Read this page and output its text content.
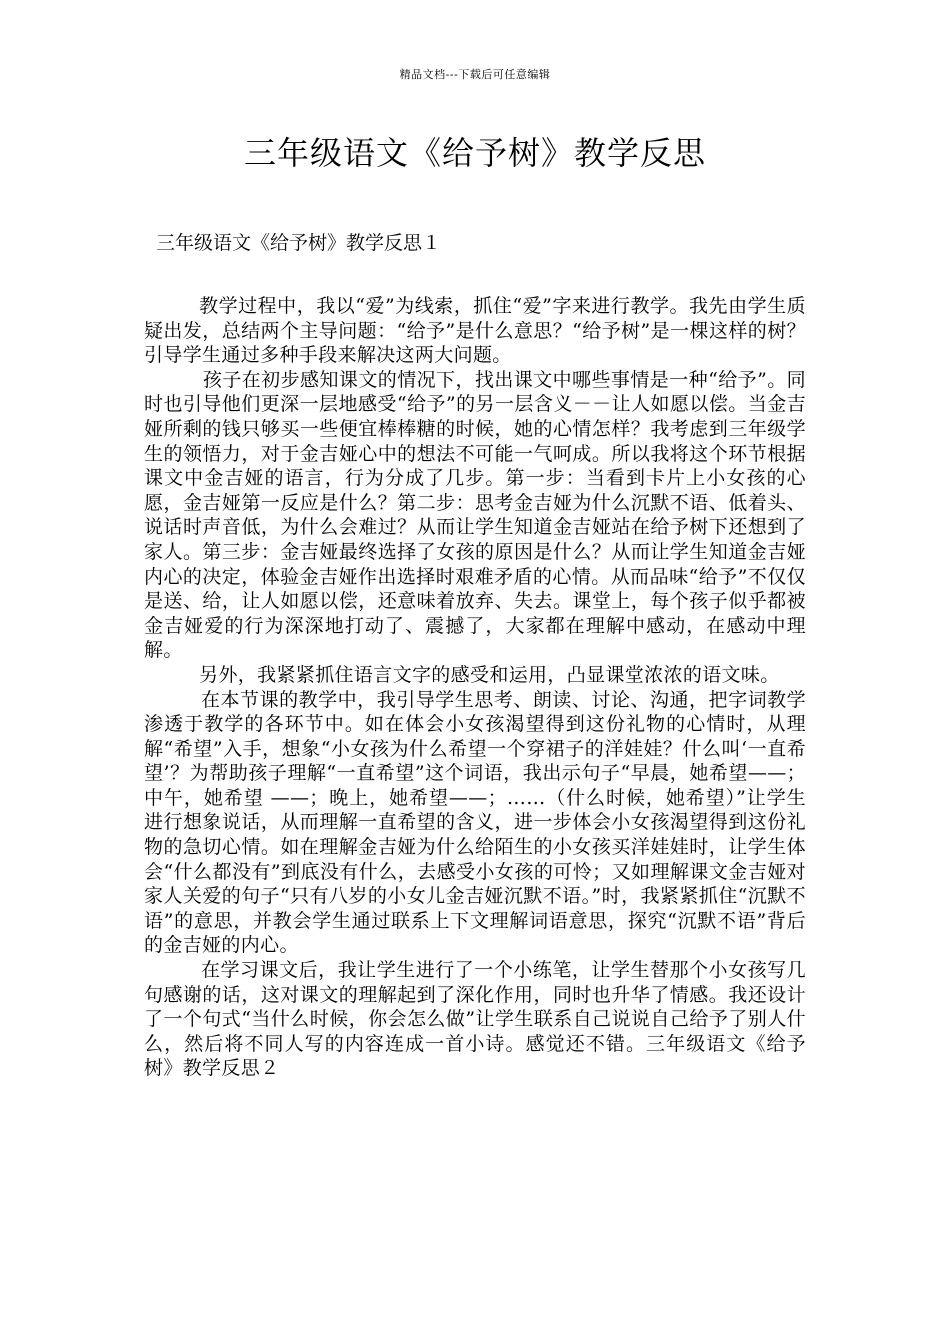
精品文档---下载后可任意编辑
三年级语文《给予树》教学反思
三年级语文《给予树》教学反思１

教学过程中，我以“爱”为线索，抓住“爱”字来进行教学。我先由学生质疑出发，总结两个主导问题：“给予”是什么意思？“给予树”是一棵这样的树？引导学生通过多种手段来解决这两大问题。

孩子在初步感知课文的情况下，找出课文中哪些事情是一种“给予”。同时也引导他们更深一层地感受“给予”的另一层含义－－让人如愿以偿。当金吉娅所剩的钱只够买一些便宜棒棒糖的时候，她的心情怎样？我考虑到三年级学生的领悟力，对于金吉娅心中的想法不可能一气呵成。所以我将这个环节根据课文中金吉娅的语言，行为分成了几步。第一步：当看到卡片上小女孩的心愿，金吉娅第一反应是什么？第二步：思考金吉娅为什么沉默不语、低着头、说话时声音低，为什么会难过？从而让学生知道金吉娅站在给予树下还想到了家人。第三步：金吉娅最终选择了女孩的原因是什么？从而让学生知道金吉娅内心的决定，体验金吉娅作出选择时艰难矛盾的心情。从而品味“给予”不仅仅是送、给，让人如愿以偿，还意味着放弃、失去。课堂上，每个孩子似乎都被金吉娅爱的行为深深地打动了、震撼了，大家都在理解中感动，在感动中理解。

另外，我紧紧抓住语言文字的感受和运用，凸显课堂浓浓的语文味。

在本节课的教学中，我引导学生思考、朗读、讨论、沟通，把字词教学渗透于教学的各环节中。如在体会小女孩渴望得到这份礼物的心情时，从理解“希望”入手，想象“小女孩为什么希望一个穿裙子的洋娃娃？什么叫‘一直希望’？为帮助孩子理解“一直希望”这个词语，我出示句子“早晨，她希望——；中午，她希望 ——；晚上，她希望——；……（什么时候，她希望）”让学生进行想象说话，从而理解一直希望的含义，进一步体会小女孩渴望得到这份礼物的急切心情。如在理解金吉娅为什么给陌生的小女孩买洋娃娃时，让学生体会“什么都没有”到底没有什么，去感受小女孩的可怜；又如理解课文金吉娅对家人关爱的句子“只有八岁的小女儿金吉娅沉默不语。”时，我紧紧抓住“沉默不语”的意思，并教会学生通过联系上下文理解词语意思，探究“沉默不语”背后的金吉娅的内心。

在学习课文后，我让学生进行了一个小练笔，让学生替那个小女孩写几句感谢的话，这对课文的理解起到了深化作用，同时也升华了情感。我还设计了一个句式“当什么时候，你会怎么做”让学生联系自己说说自己给予了别人什么，然后将不同人写的内容连成一首小诗。感觉还不错。三年级语文《给予树》教学反思２
